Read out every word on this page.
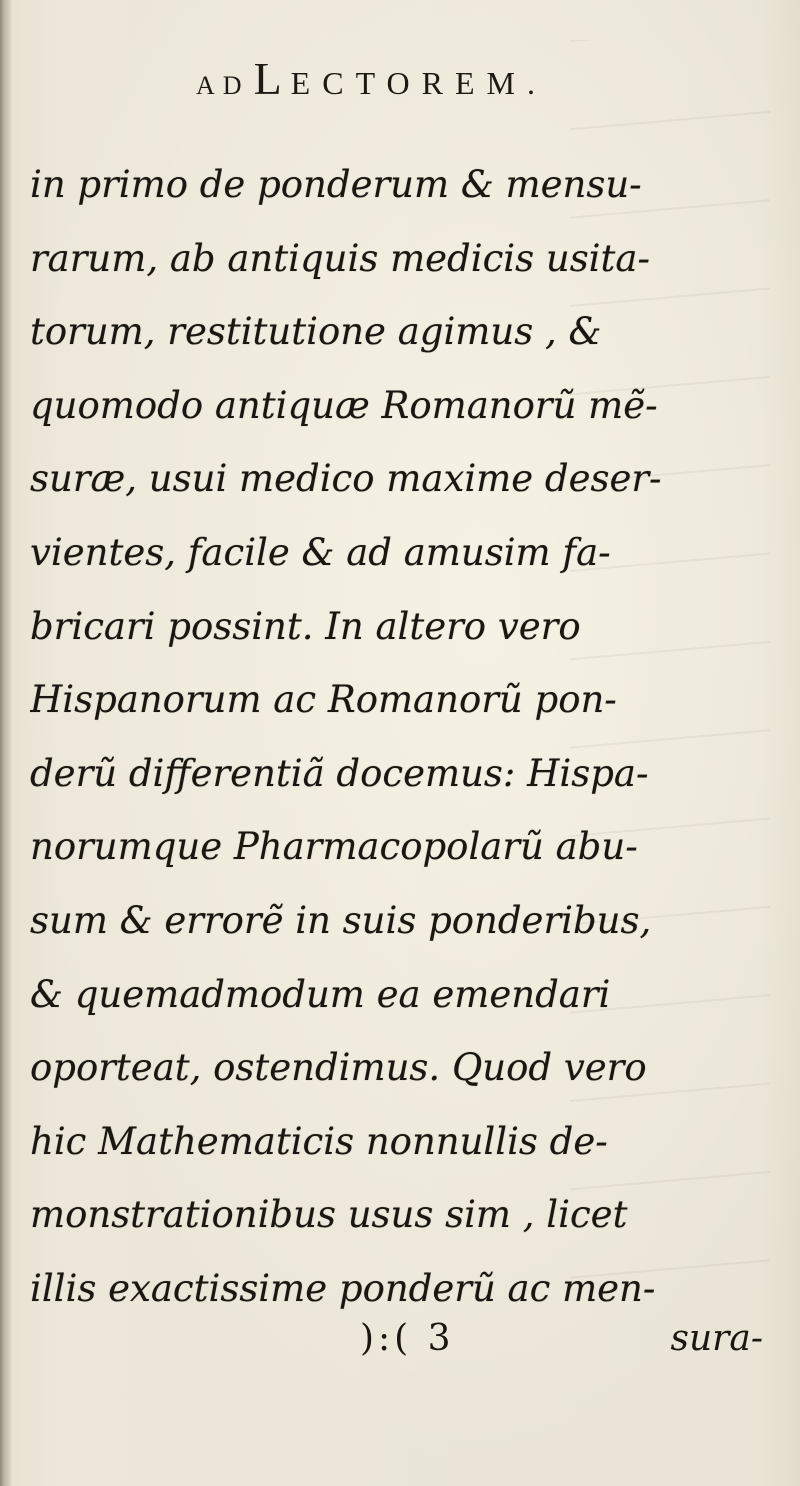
AD LECTOREM.
in primo de ponderum & mensu-
rarum, ab antiquis medicis usita-
torum, restitutione agimus , &
quomodo antiquæ Romanorũ mẽ-
suræ, usui medico maxime deser-
vientes, facile & ad amusim fa-
bricari possint. In altero vero
Hispanorum ac Romanorũ pon-
derũ differentiã docemus: Hispa-
norumque Pharmacopolarũ abu-
sum & errorẽ in suis ponderibus,
& quemadmodum ea emendari
oporteat, ostendimus. Quod vero
hic Mathematicis nonnullis de-
monstrationibus usus sim , licet
illis exactissime ponderũ ac men-
):( 3	sura-
